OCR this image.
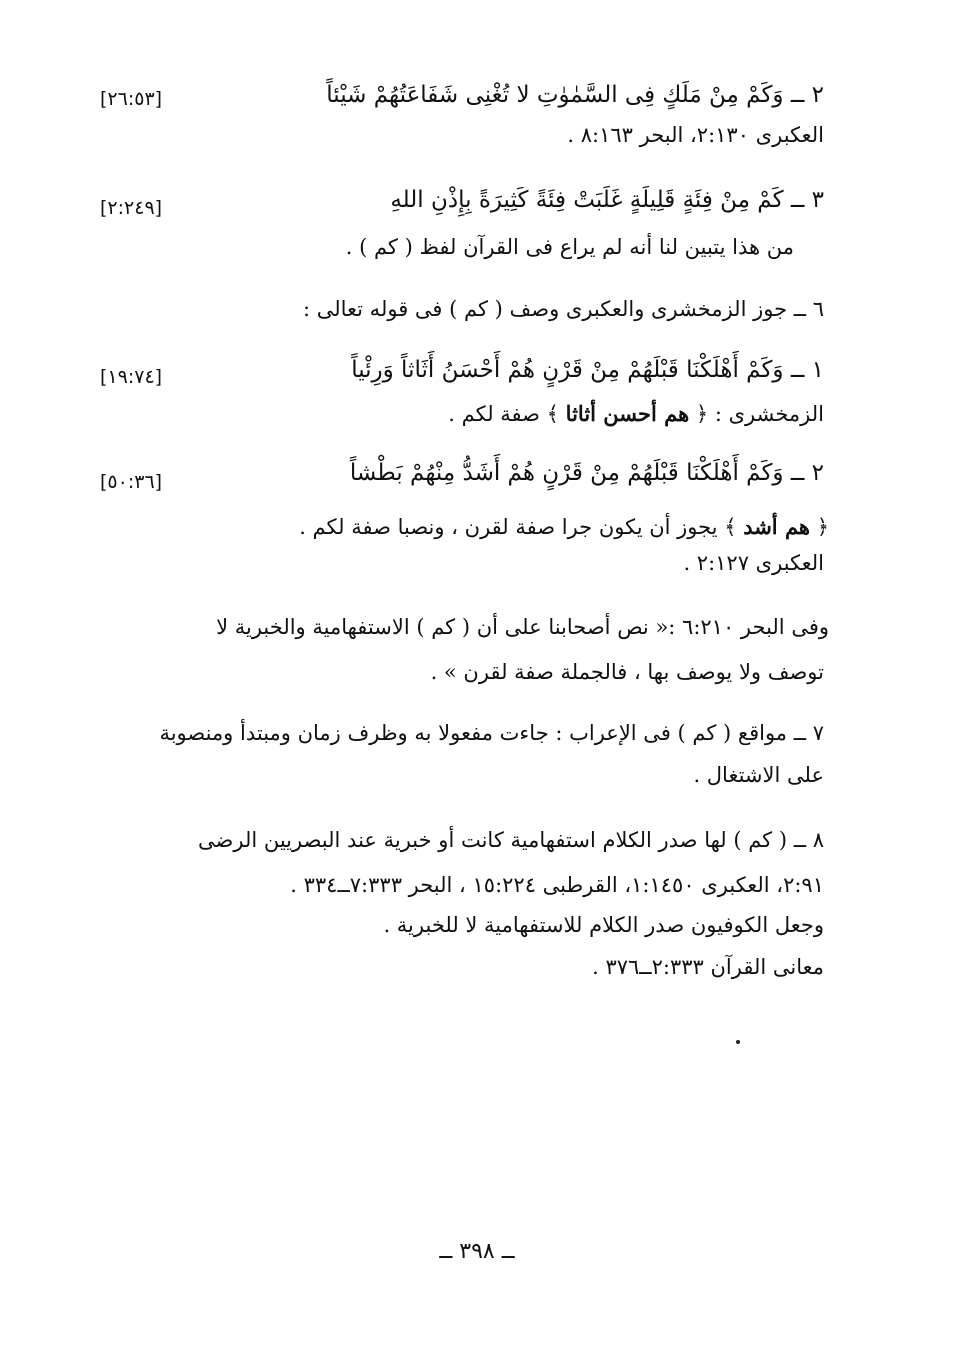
٢ ــ وَكَمْ مِنْ مَلَكٍ فِى السَّمٰوٰتِ لا تُغْنِى شَفَاعَتُهُمْ شَيْئاً
[٢٦:٥٣]
العكبرى ٢:١٣٠، البحر ٨:١٦٣ .
٣ ــ كَمْ مِنْ فِئَةٍ قَلِيلَةٍ غَلَبَتْ فِئَةً كَثِيرَةً بِإِذْنِ اللهِ
[٢:٢٤٩]
من هذا يتبين لنا أنه لم يراع فى القرآن لفظ ( كم ) .
٦ ــ جوز الزمخشرى والعكبرى وصف ( كم ) فى قوله تعالى :
١ ــ وَكَمْ أَهْلَكْنَا قَبْلَهُمْ مِنْ قَرْنٍ هُمْ أَحْسَنُ أَثَاثاً وَرِئْياً
[١٩:٧٤]
الزمخشرى : ﴿ هم أحسن أثاثا ﴾ صفة لكم .
٢ ــ وَكَمْ أَهْلَكْنَا قَبْلَهُمْ مِنْ قَرْنٍ هُمْ أَشَدُّ مِنْهُمْ بَطْشاً
[٥٠:٣٦]
﴿ هم أشد ﴾ يجوز أن يكون جرا صفة لقرن ، ونصبا صفة لكم .
العكبرى ٢:١٢٧ .
وفى البحر ٦:٢١٠ :« نص أصحابنا على أن ( كم ) الاستفهامية والخبرية لا
توصف ولا يوصف بها ، فالجملة صفة لقرن » .
٧ ــ مواقع ( كم ) فى الإعراب : جاءت مفعولا به وظرف زمان ومبتدأ ومنصوبة
على الاشتغال .
٨ ــ ( كم ) لها صدر الكلام استفهامية كانت أو خبرية عند البصريين الرضى
٢:٩١، العكبرى ١:١٤٥٠، القرطبى ١٥:٢٢٤ ، البحر ٧:٣٣٣ــ٣٣٤ .
وجعل الكوفيون صدر الكلام للاستفهامية لا للخبرية .
معانى القرآن ٢:٣٣٣ــ٣٧٦ .
ــ ٣٩٨ ــ
